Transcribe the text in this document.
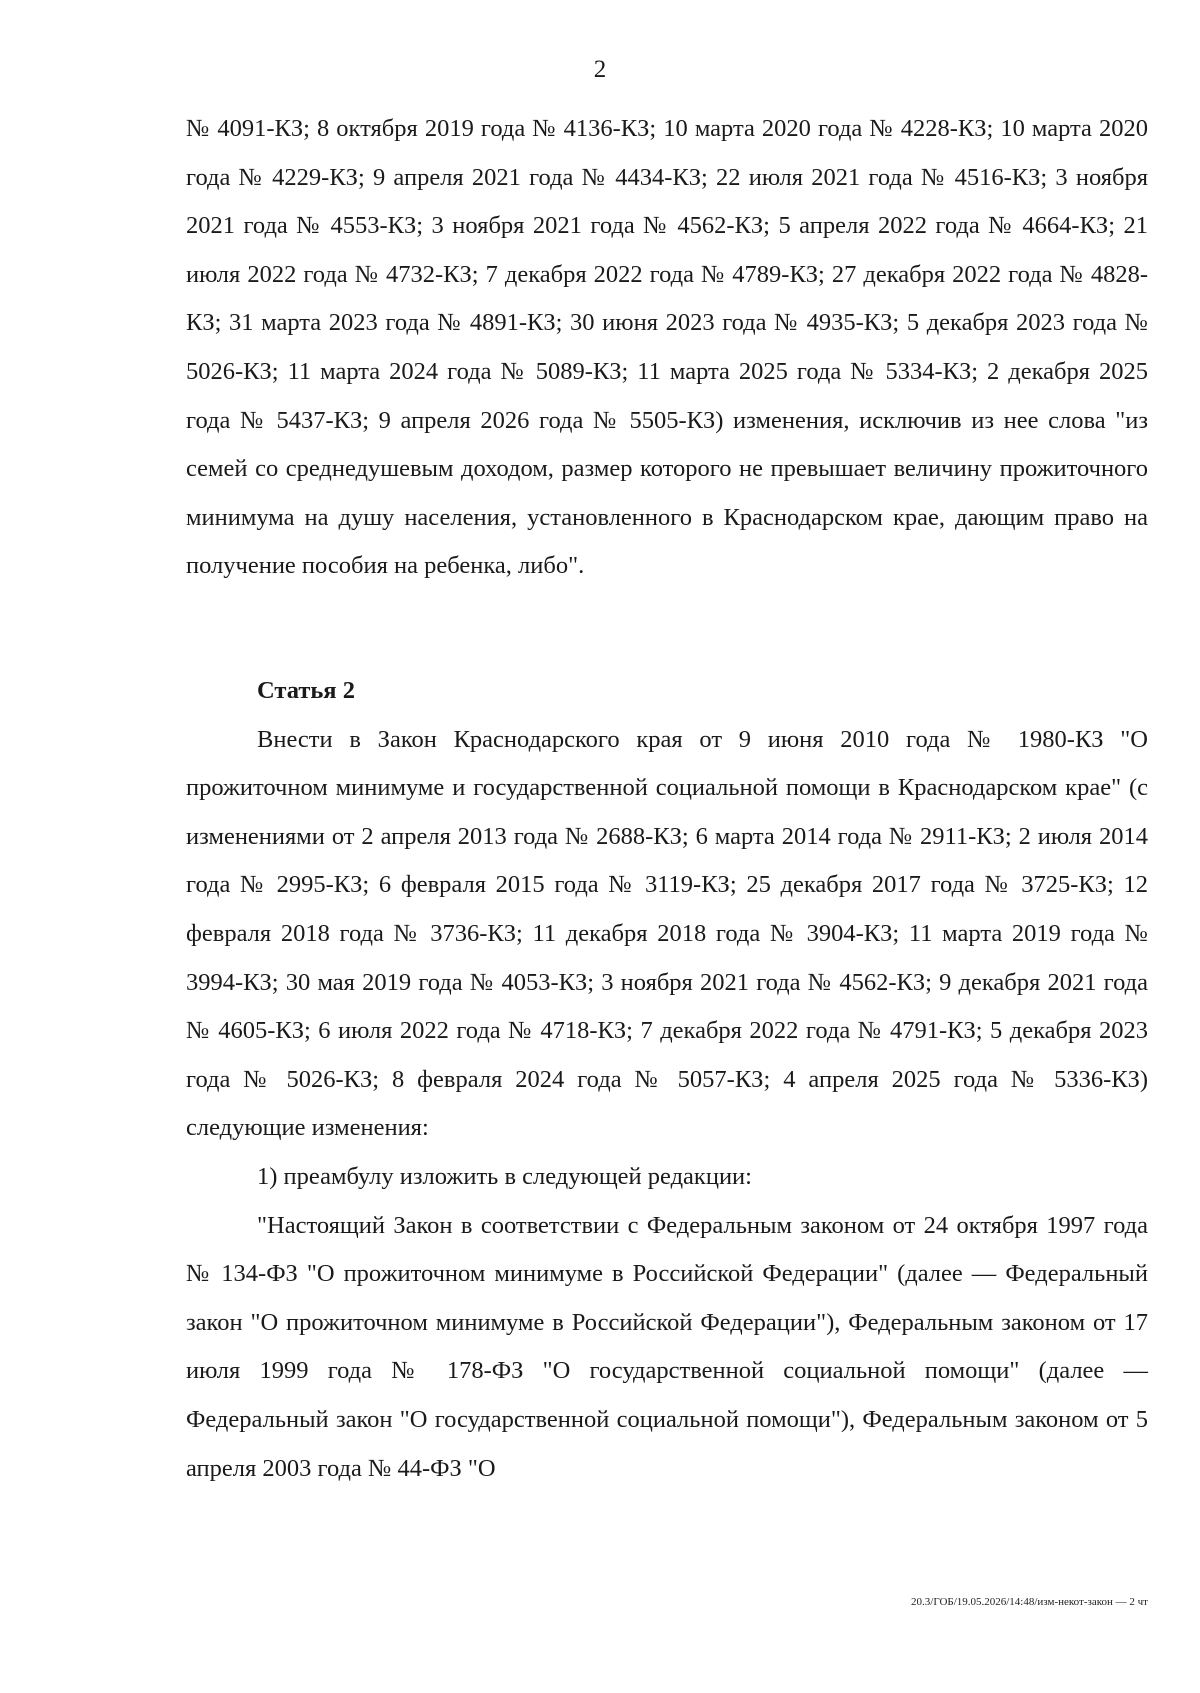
2

№ 4091-КЗ; 8 октября 2019 года № 4136-КЗ; 10 марта 2020 года № 4228-КЗ; 10 марта 2020 года № 4229-КЗ; 9 апреля 2021 года № 4434-КЗ; 22 июля 2021 года № 4516-КЗ; 3 ноября 2021 года № 4553-КЗ; 3 ноября 2021 года № 4562-КЗ; 5 апреля 2022 года № 4664-КЗ; 21 июля 2022 года № 4732-КЗ; 7 декабря 2022 года № 4789-КЗ; 27 декабря 2022 года № 4828-КЗ; 31 марта 2023 года № 4891-КЗ; 30 июня 2023 года № 4935-КЗ; 5 декабря 2023 года № 5026-КЗ; 11 марта 2024 года № 5089-КЗ; 11 марта 2025 года № 5334-КЗ; 2 декабря 2025 года № 5437-КЗ; 9 апреля 2026 года № 5505-КЗ) изменения, исключив из нее слова "из семей со среднедушевым доходом, размер которого не превышает величину прожиточного минимума на душу населения, установленного в Краснодарском крае, дающим право на получение пособия на ребенка, либо".

Статья 2

Внести в Закон Краснодарского края от 9 июня 2010 года № 1980-КЗ "О прожиточном минимуме и государственной социальной помощи в Краснодарском крае" (с изменениями от 2 апреля 2013 года № 2688-КЗ; 6 марта 2014 года № 2911-КЗ; 2 июля 2014 года № 2995-КЗ; 6 февраля 2015 года № 3119-КЗ; 25 декабря 2017 года № 3725-КЗ; 12 февраля 2018 года № 3736-КЗ; 11 декабря 2018 года № 3904-КЗ; 11 марта 2019 года № 3994-КЗ; 30 мая 2019 года № 4053-КЗ; 3 ноября 2021 года № 4562-КЗ; 9 декабря 2021 года № 4605-КЗ; 6 июля 2022 года № 4718-КЗ; 7 декабря 2022 года № 4791-КЗ; 5 декабря 2023 года № 5026-КЗ; 8 февраля 2024 года № 5057-КЗ; 4 апреля 2025 года № 5336-КЗ) следующие изменения:

1) преамбулу изложить в следующей редакции:

"Настоящий Закон в соответствии с Федеральным законом от 24 октября 1997 года № 134-ФЗ "О прожиточном минимуме в Российской Федерации" (далее — Федеральный закон "О прожиточном минимуме в Российской Федерации"), Федеральным законом от 17 июля 1999 года № 178-ФЗ "О государственной социальной помощи" (далее — Федеральный закон "О государственной социальной помощи"), Федеральным законом от 5 апреля 2003 года № 44-ФЗ "О

20.3/ГОБ/19.05.2026/14:48/изм-некот-закон — 2 чт
